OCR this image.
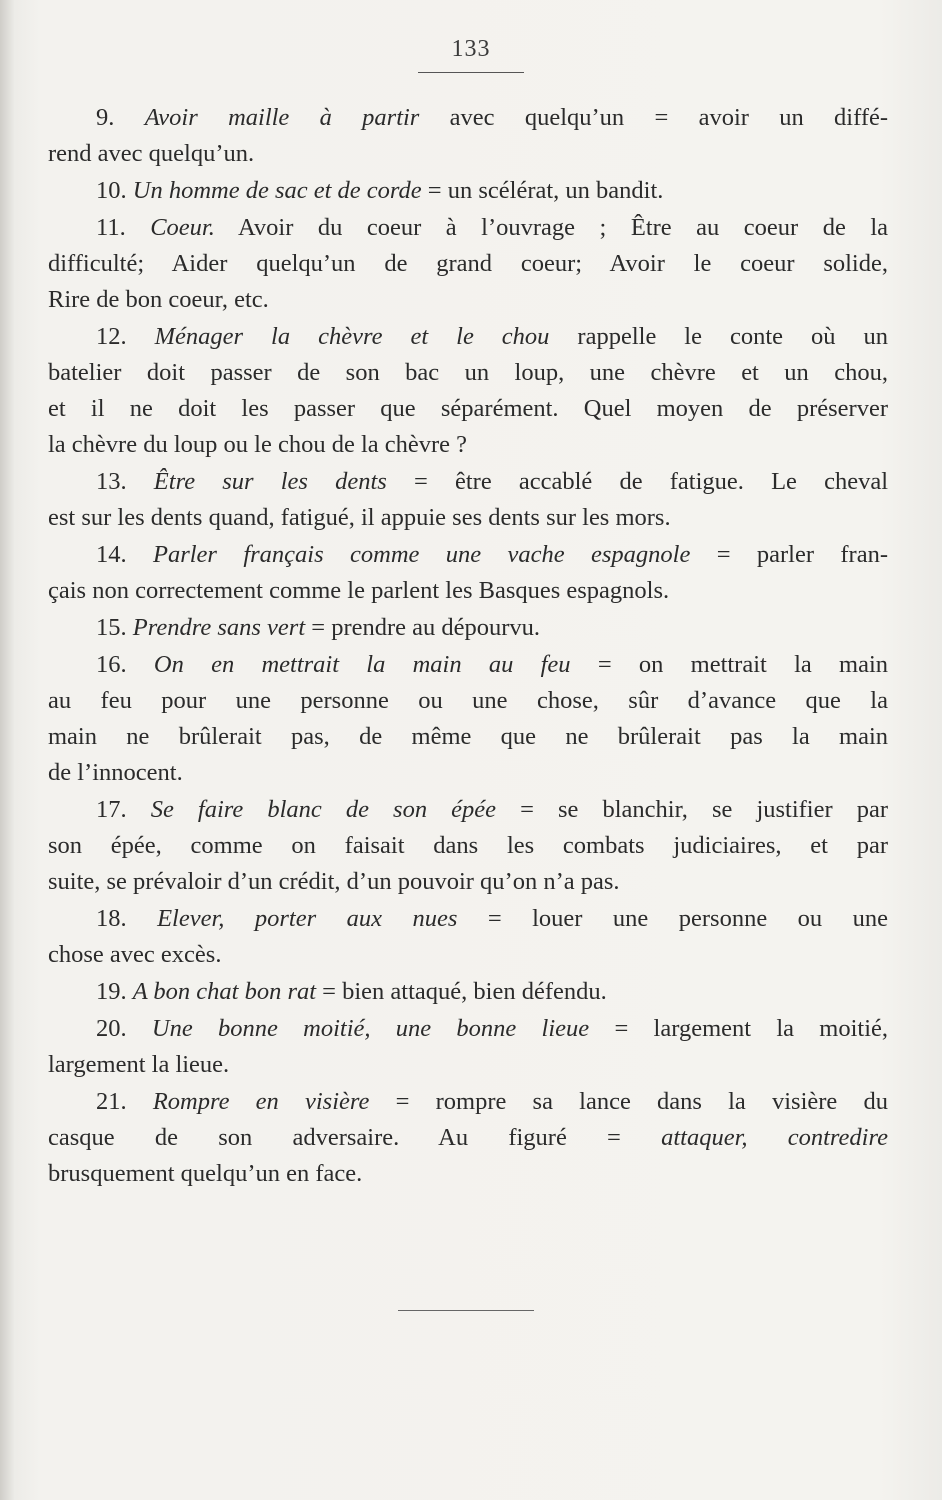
133
9. Avoir maille à partir avec quelqu’un = avoir un diffé-
rend avec quelqu’un.
10. Un homme de sac et de corde = un scélérat, un bandit.
11. Coeur. Avoir du coeur à l’ouvrage ; Être au coeur de la
difficulté; Aider quelqu’un de grand coeur; Avoir le coeur solide,
Rire de bon coeur, etc.
12. Ménager la chèvre et le chou rappelle le conte où un
batelier doit passer de son bac un loup, une chèvre et un chou,
et il ne doit les passer que séparément. Quel moyen de préserver
la chèvre du loup ou le chou de la chèvre ?
13. Être sur les dents = être accablé de fatigue. Le cheval
est sur les dents quand, fatigué, il appuie ses dents sur les mors.
14. Parler français comme une vache espagnole = parler fran-
çais non correctement comme le parlent les Basques espagnols.
15. Prendre sans vert = prendre au dépourvu.
16. On en mettrait la main au feu = on mettrait la main
au feu pour une personne ou une chose, sûr d’avance que la
main ne brûlerait pas, de même que ne brûlerait pas la main
de l’innocent.
17. Se faire blanc de son épée = se blanchir, se justifier par
son épée, comme on faisait dans les combats judiciaires, et par
suite, se prévaloir d’un crédit, d’un pouvoir qu’on n’a pas.
18. Elever, porter aux nues = louer une personne ou une
chose avec excès.
19. A bon chat bon rat = bien attaqué, bien défendu.
20. Une bonne moitié, une bonne lieue = largement la moitié,
largement la lieue.
21. Rompre en visière = rompre sa lance dans la visière du
casque de son adversaire. Au figuré = attaquer, contredire
brusquement quelqu’un en face.
